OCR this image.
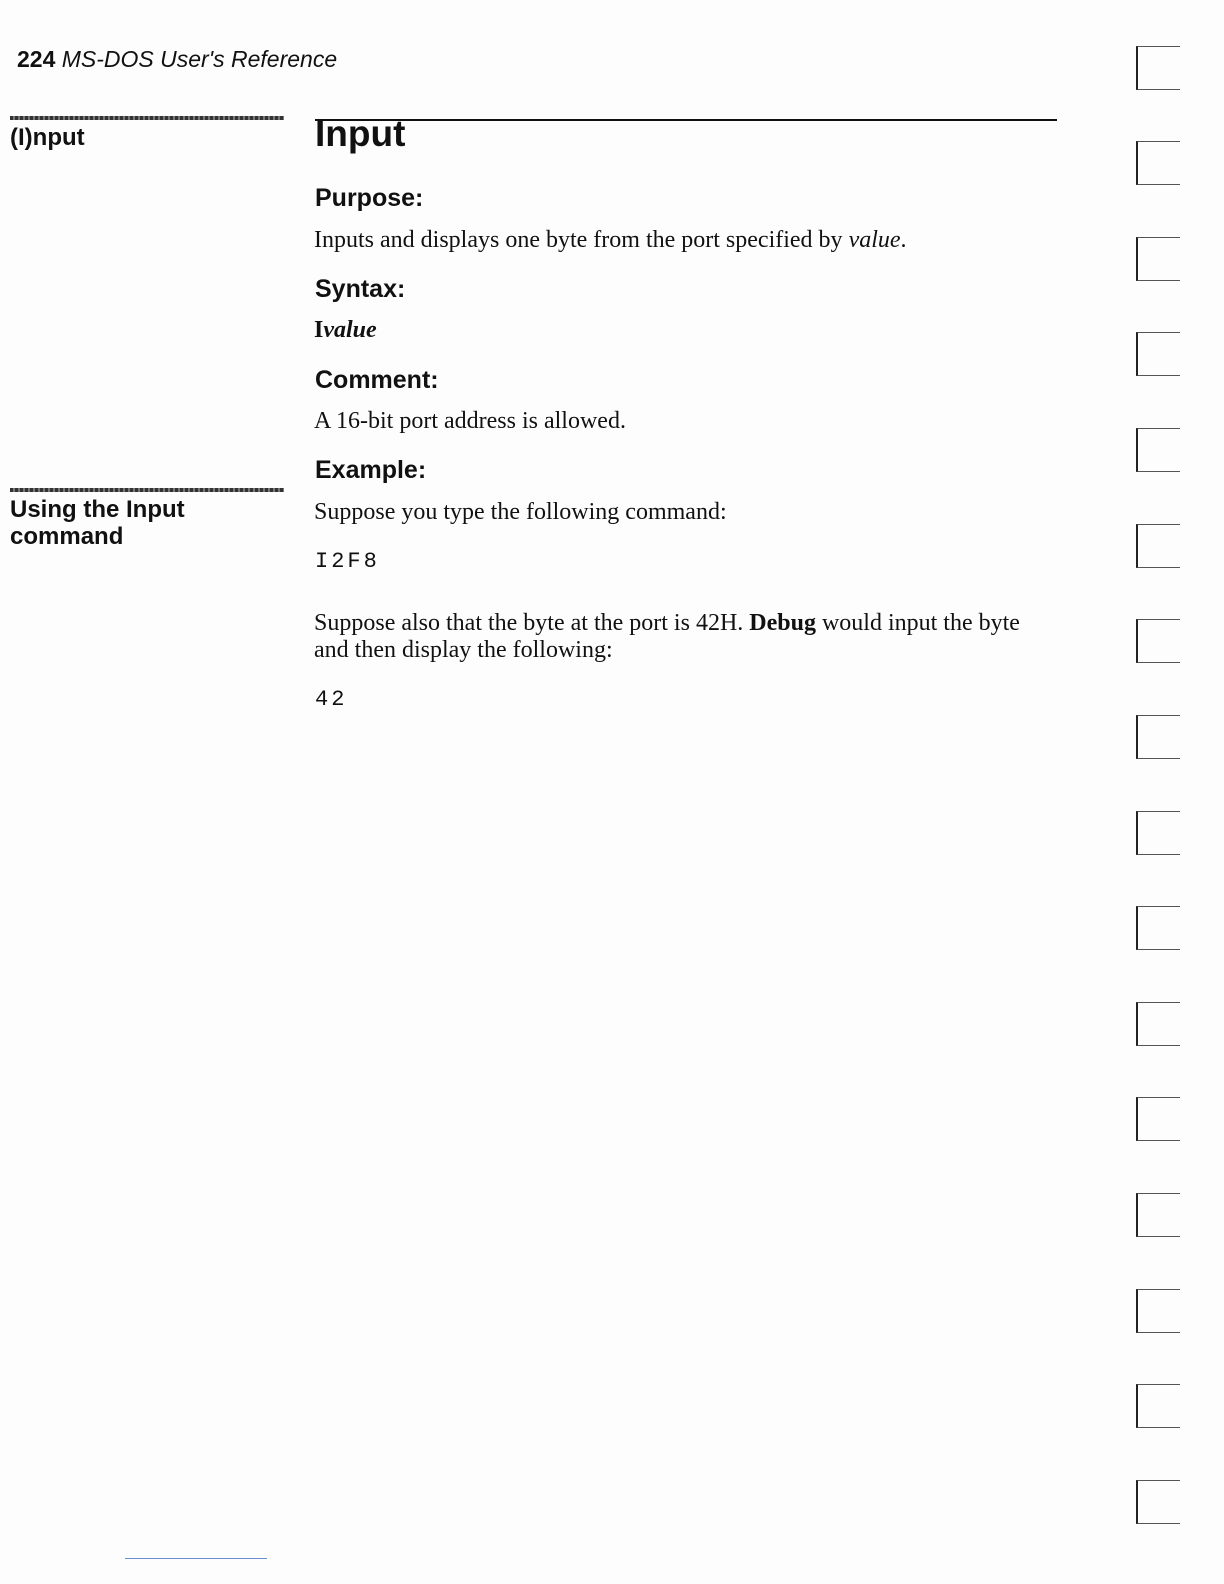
224 MS-DOS User's Reference
(I)nput
Using the Input
command
Input
Purpose:
Inputs and displays one byte from the port specified by value.
Syntax:
Ivalue
Comment:
A 16-bit port address is allowed.
Example:
Suppose you type the following command:
I2F8
Suppose also that the byte at the port is 42H. Debug would input the byte and then display the following:
42
